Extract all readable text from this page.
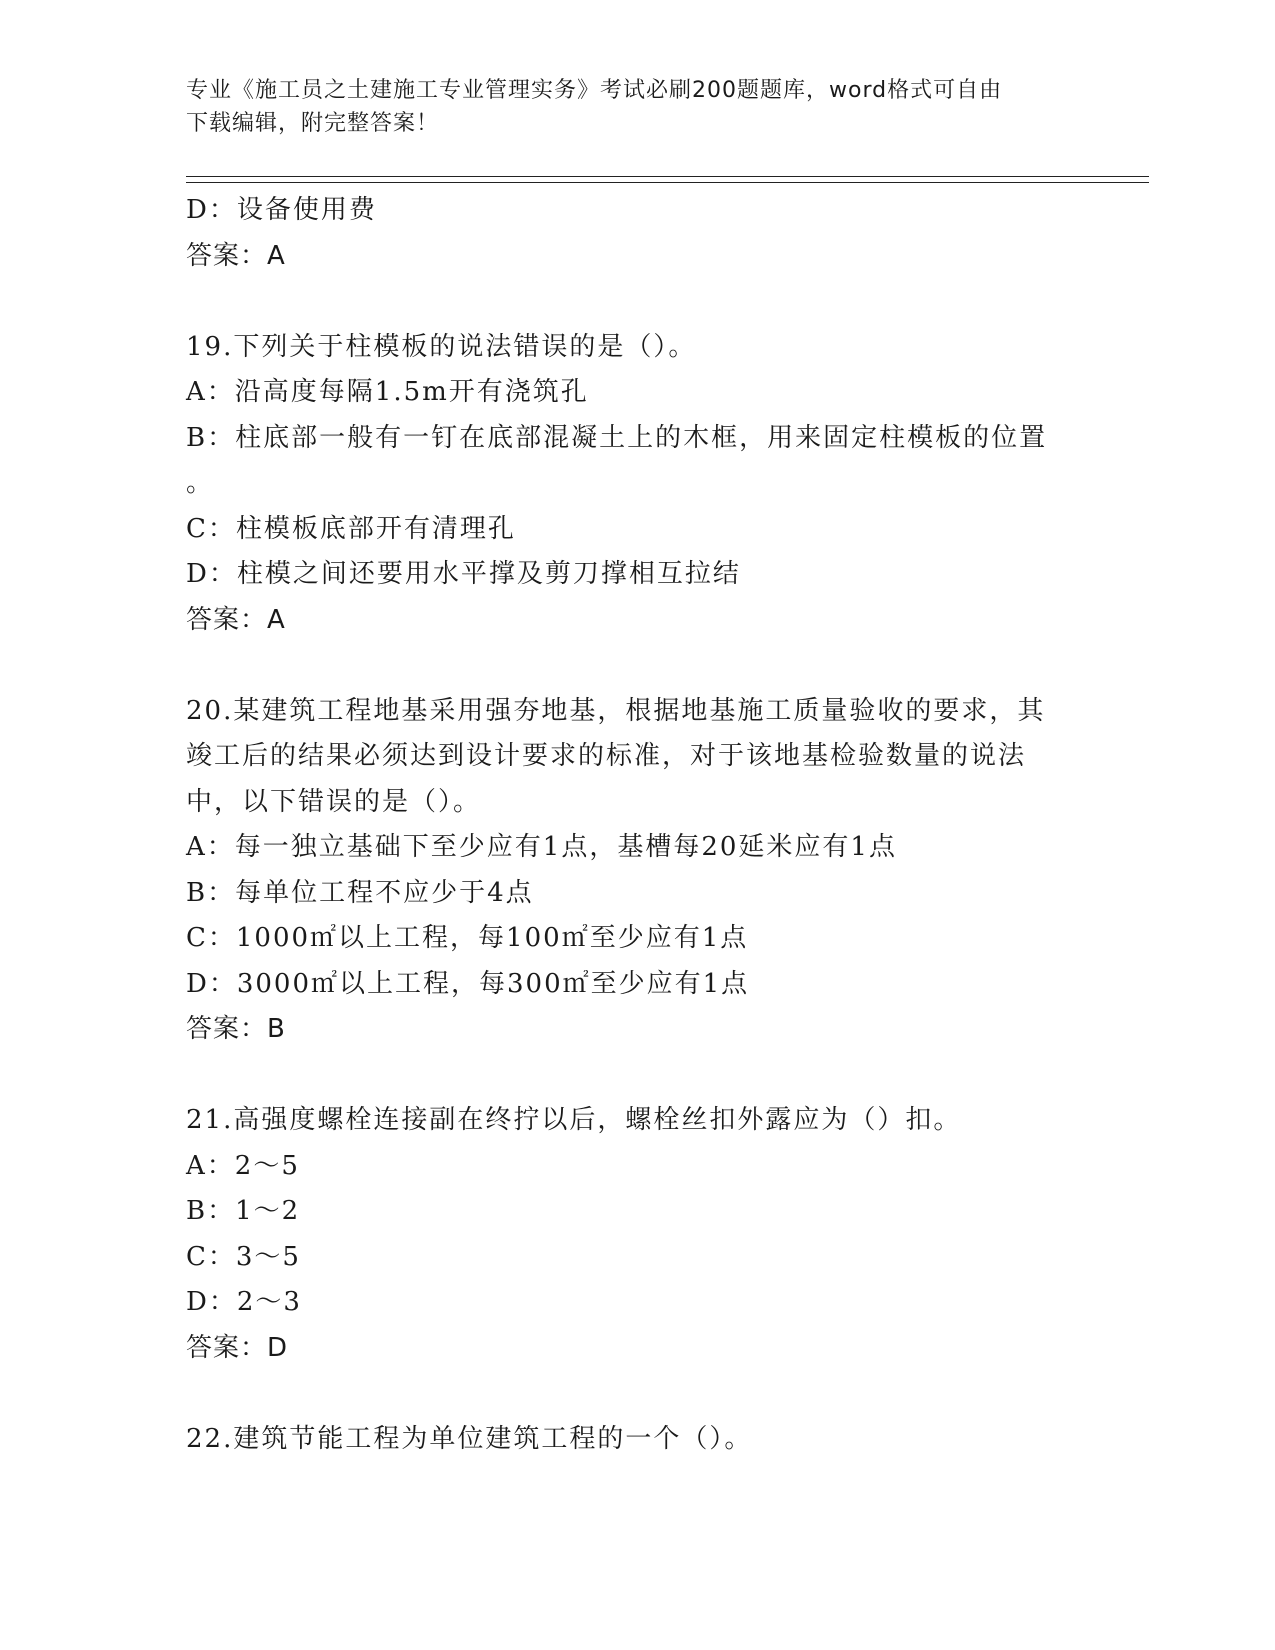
专业《施工员之土建施工专业管理实务》考试必刷200题题库，word格式可自由
下载编辑，附完整答案！
D：设备使用费
答案：A
19.下列关于柱模板的说法错误的是（）。
A：沿高度每隔1.5m开有浇筑孔
B：柱底部一般有一钉在底部混凝土上的木框，用来固定柱模板的位置
。
C：柱模板底部开有清理孔
D：柱模之间还要用水平撑及剪刀撑相互拉结
答案：A
20.某建筑工程地基采用强夯地基，根据地基施工质量验收的要求，其
竣工后的结果必须达到设计要求的标准，对于该地基检验数量的说法
中，以下错误的是（）。
A：每一独立基础下至少应有1点，基槽每20延米应有1点
B：每单位工程不应少于4点
C：1000㎡以上工程，每100㎡至少应有1点
D：3000㎡以上工程，每300㎡至少应有1点
答案：B
21.高强度螺栓连接副在终拧以后，螺栓丝扣外露应为（）扣。
A：2～5
B：1～2
C：3～5
D：2～3
答案：D
22.建筑节能工程为单位建筑工程的一个（）。
